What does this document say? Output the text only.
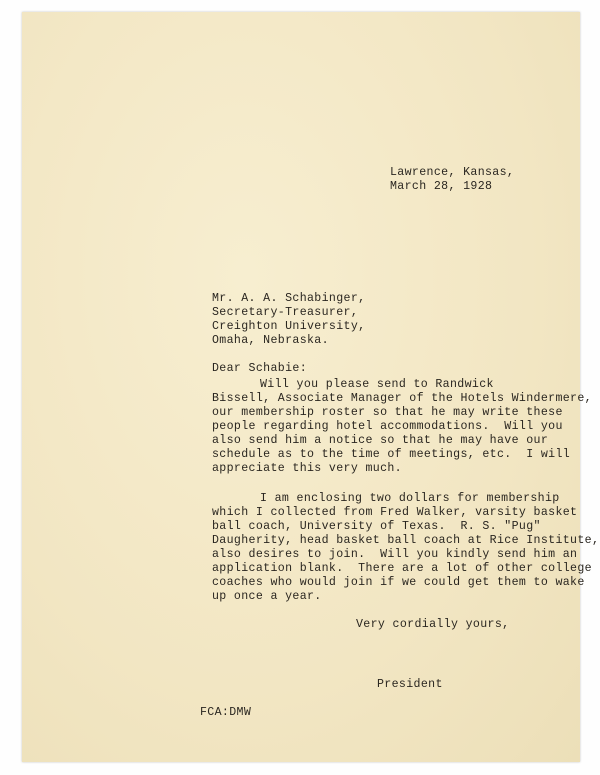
Lawrence, Kansas,
March 28, 1928
Mr. A. A. Schabinger,
Secretary-Treasurer,
Creighton University,
Omaha, Nebraska.
Dear Schabie:
Will you please send to Randwick
Bissell, Associate Manager of the Hotels Windermere,
our membership roster so that he may write these
people regarding hotel accommodations.  Will you
also send him a notice so that he may have our
schedule as to the time of meetings, etc.  I will
appreciate this very much.
I am enclosing two dollars for membership
which I collected from Fred Walker, varsity basket
ball coach, University of Texas.  R. S. "Pug"
Daugherity, head basket ball coach at Rice Institute,
also desires to join.  Will you kindly send him an
application blank.  There are a lot of other college
coaches who would join if we could get them to wake
up once a year.
Very cordially yours,
President
FCA:DMW
